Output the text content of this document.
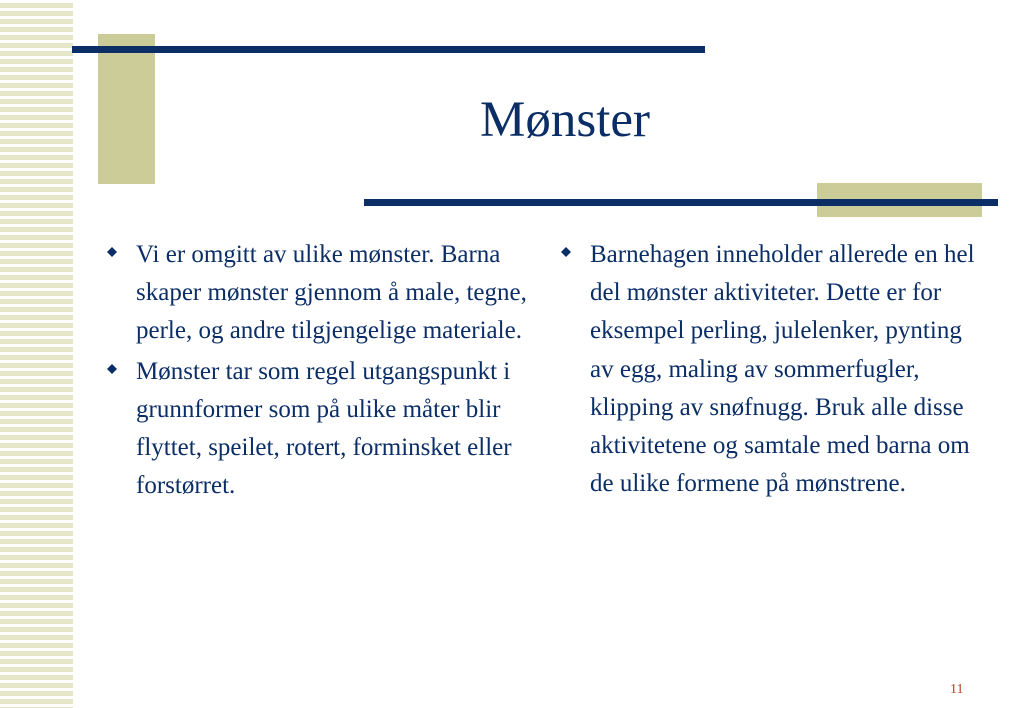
Mønster
Vi er omgitt av ulike mønster. Barna skaper mønster gjennom å male, tegne, perle, og andre tilgjengelige materiale.
Mønster tar som regel utgangspunkt i grunnformer som på ulike måter blir flyttet, speilet, rotert, forminsket eller forstørret.
Barnehagen inneholder allerede en hel del mønster aktiviteter. Dette er for eksempel perling, julelenker, pynting av egg, maling av sommerfugler, klipping av snøfnugg. Bruk alle disse aktivitetene og samtale med barna om de ulike formene på mønstrene.
11
